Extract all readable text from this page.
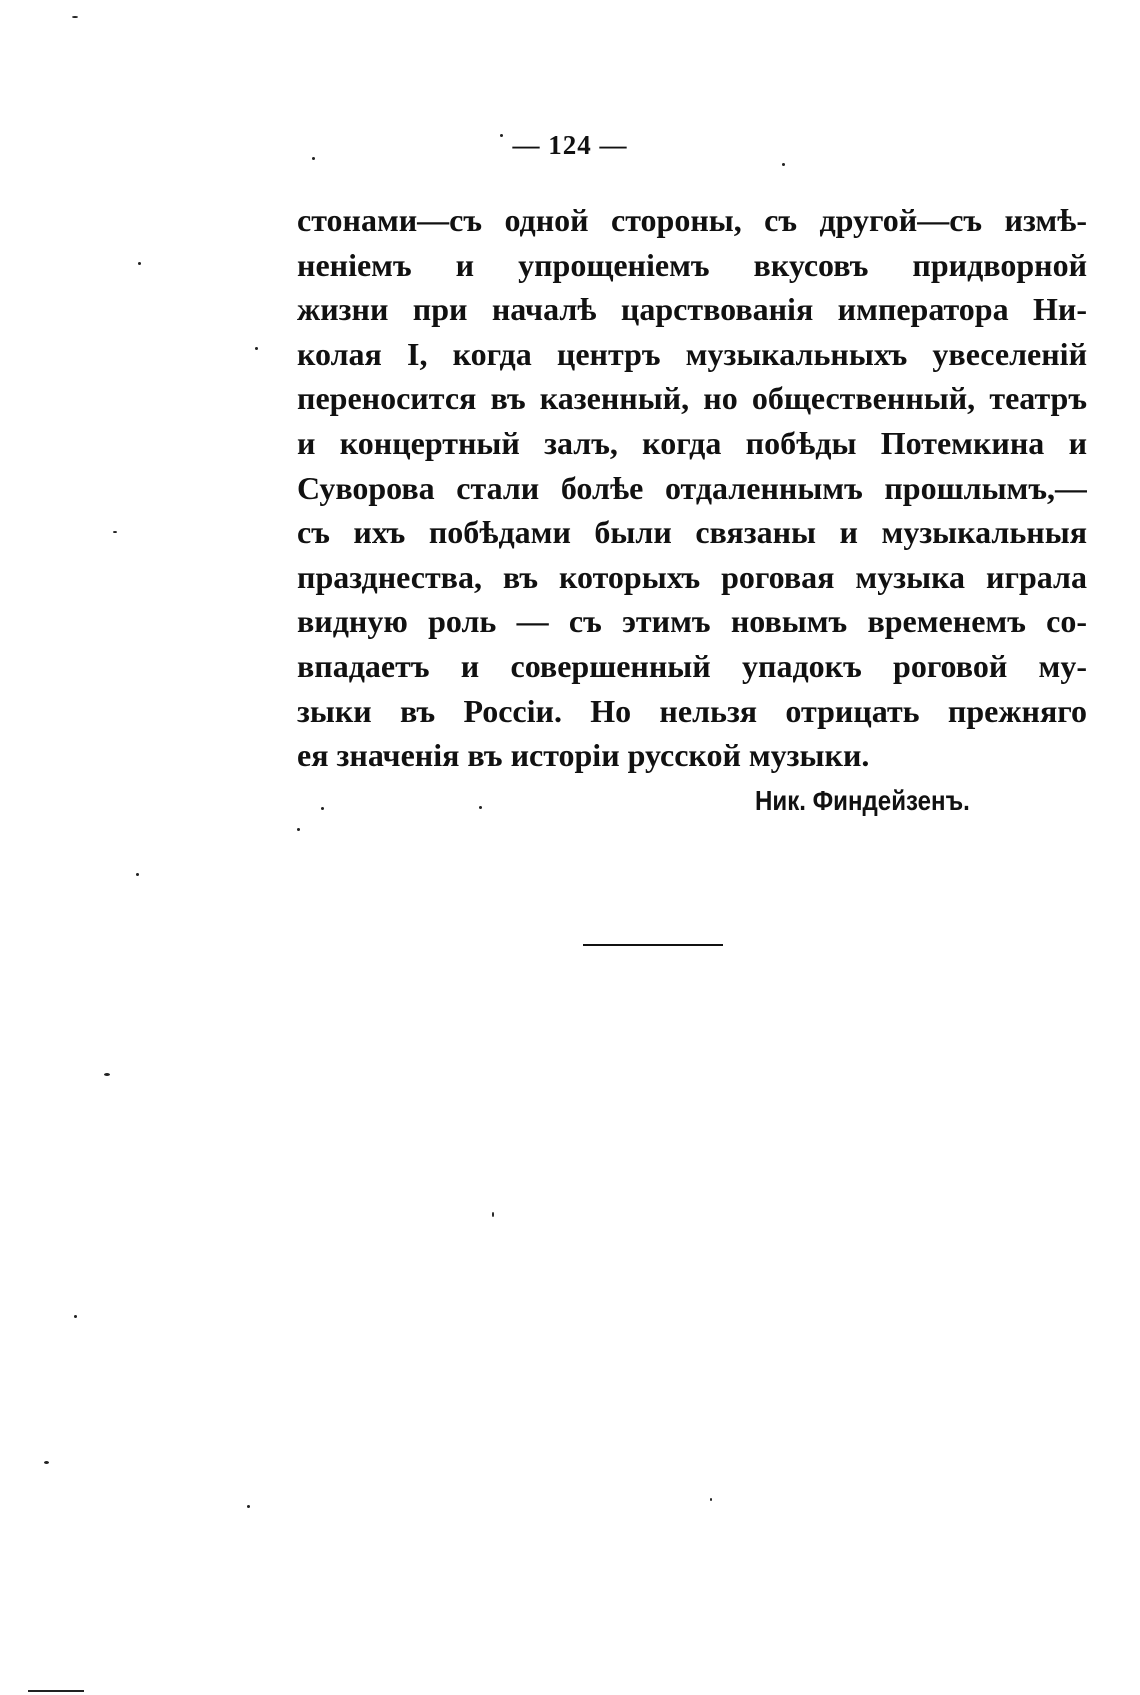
— 124 —
стонами—съ одной стороны, съ другой—съ измѣ-
неніемъ и упрощеніемъ вкусовъ придворной
жизни при началѣ царствованія императора Ни-
колая I, когда центръ музыкальныхъ увеселеній
переносится въ казенный, но общественный, театръ
и концертный залъ, когда побѣды Потемкина и
Суворова стали болѣе отдаленнымъ прошлымъ,—
съ ихъ побѣдами были связаны и музыкальныя
празднества, въ которыхъ роговая музыка играла
видную роль — съ этимъ новымъ временемъ со-
впадаетъ и совершенный упадокъ роговой му-
зыки въ Россіи. Но нельзя отрицать прежняго
ея значенія въ исторіи русской музыки.
Ник. Финдейзенъ.
